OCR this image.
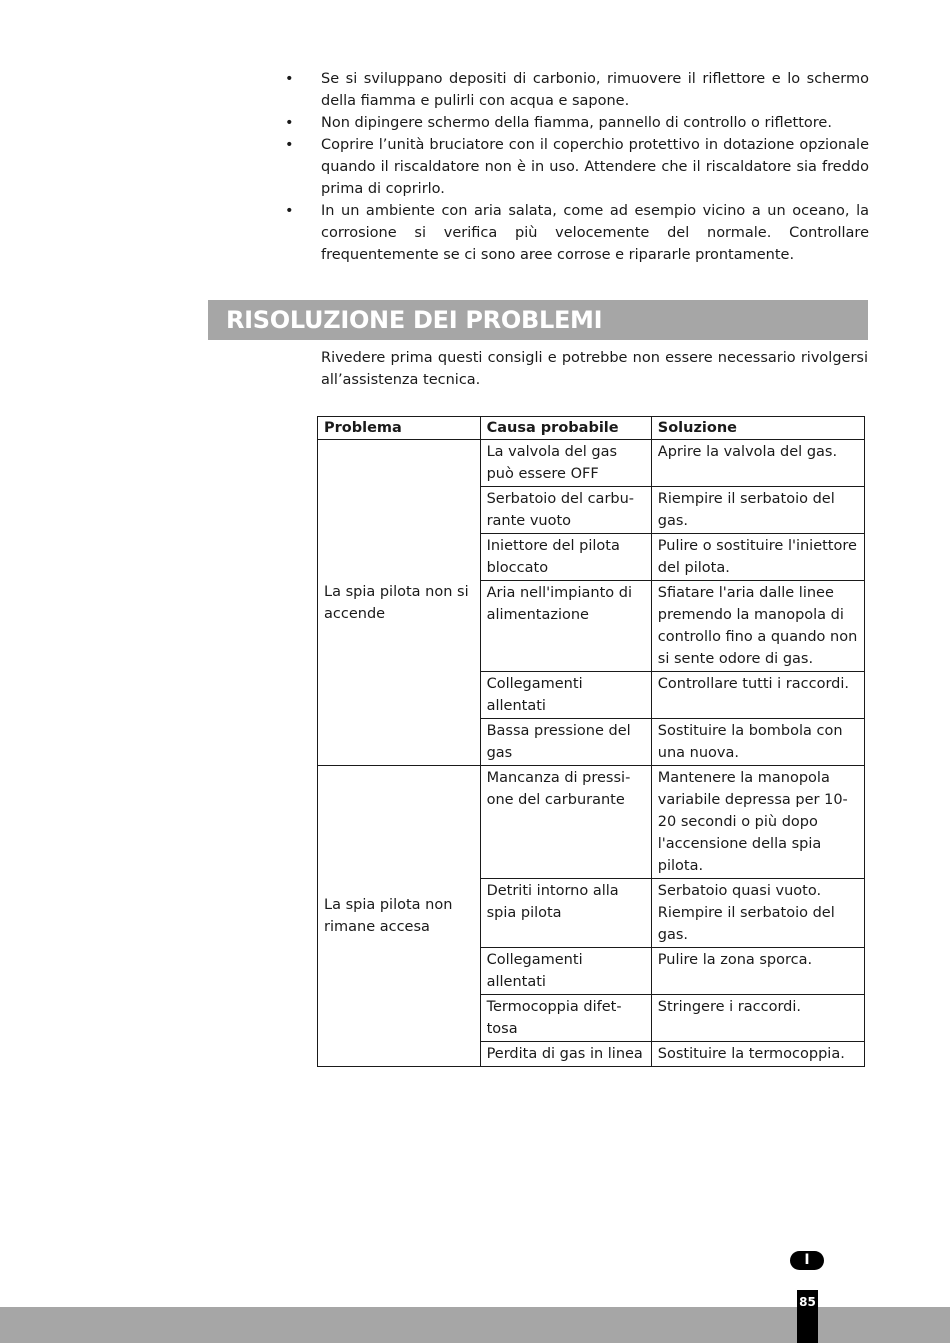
• Se si sviluppano depositi di carbonio, rimuovere il riflettore e lo schermo della fiamma e pulirli con acqua e sapone.
• Non dipingere schermo della fiamma, pannello di controllo o riflettore.
• Coprire l’unità bruciatore con il coperchio protettivo in dotazione opzionale quando il riscaldatore non è in uso. Attendere che il riscaldatore sia freddo prima di coprirlo.
• In un ambiente con aria salata, come ad esempio vicino a un oceano, la corrosione si verifica più velocemente del normale. Controllare frequentemente se ci sono aree corrose e ripararle prontamente.
RISOLUZIONE DEI PROBLEMI

Rivedere prima questi consigli e potrebbe non essere necessario rivolgersi all’assistenza tecnica.

Problema	Causa probabile	Soluzione
La spia pilota non si accende	La valvola del gas può essere OFF	Aprire la valvola del gas.
	Serbatoio del carbu-rante vuoto	Riempire il serbatoio del gas.
	Iniettore del pilota bloccato	Pulire o sostituire l'iniettore del pilota.
	Aria nell'impianto di alimentazione	Sfiatare l'aria dalle linee premendo la manopola di controllo fino a quando non si sente odore di gas.
	Collegamenti allentati	Controllare tutti i raccordi.
	Bassa pressione del gas	Sostituire la bombola con una nuova.
La spia pilota non rimane accesa	Mancanza di pressi-one del carburante	Mantenere la manopola variabile depressa per 10-20 secondi o più dopo l'accensione della spia pilota.
	Detriti intorno alla spia pilota	Serbatoio quasi vuoto. Riempire il serbatoio del gas.
	Collegamenti allentati	Pulire la zona sporca.
	Termocoppia difet-tosa	Stringere i raccordi.
	Perdita di gas in linea	Sostituire la termocoppia.
I
85
